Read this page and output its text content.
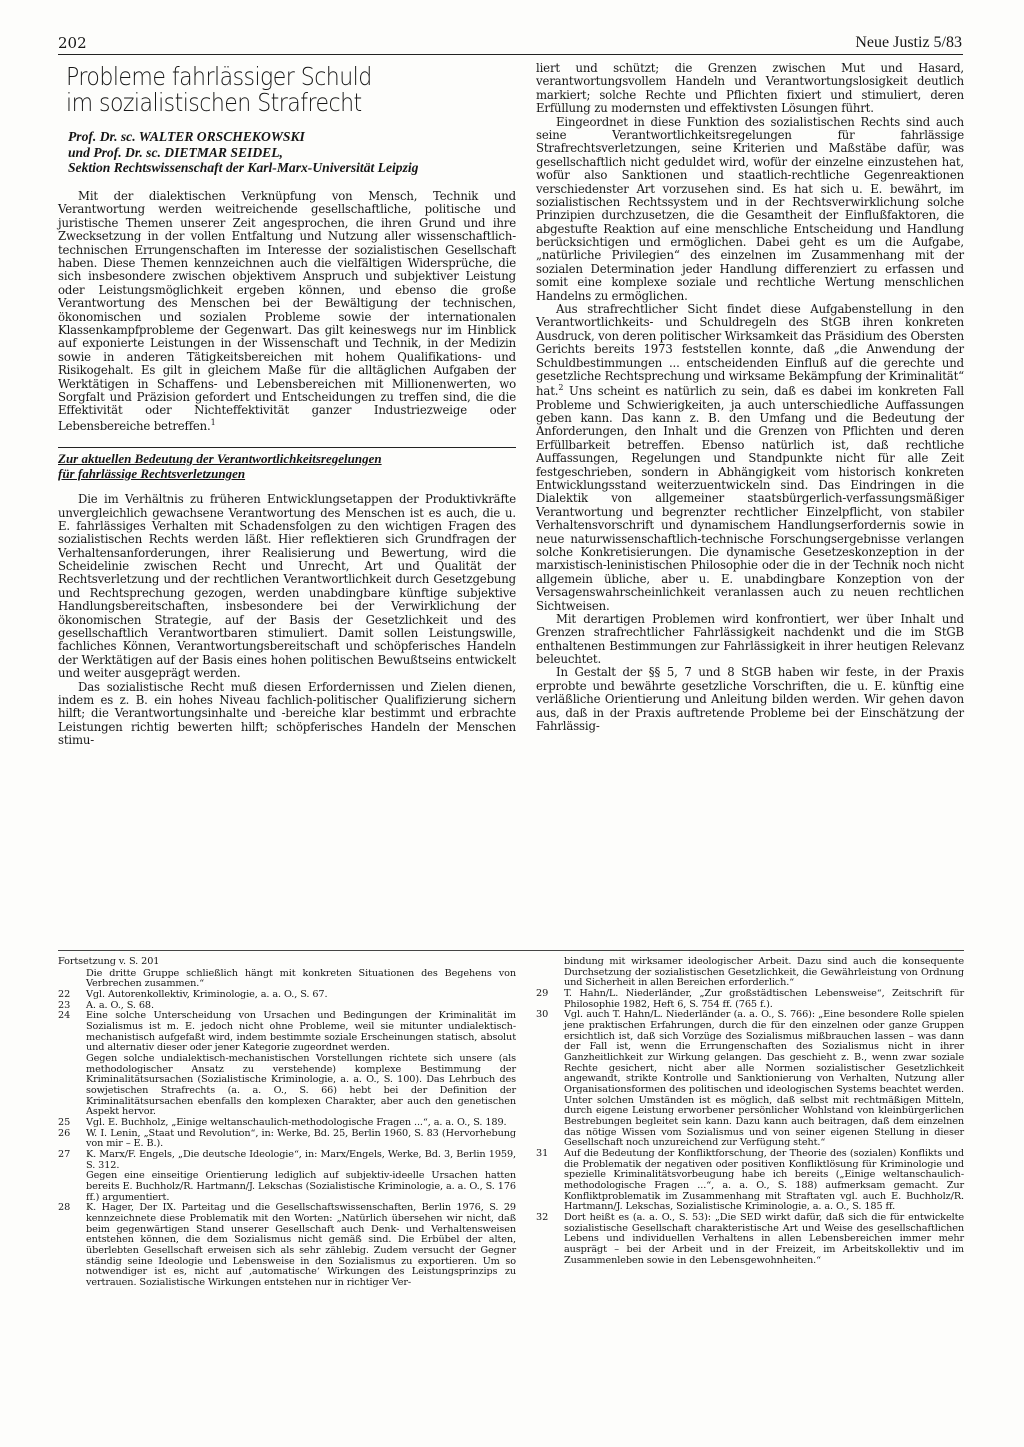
202	Neue Justiz 5/83
Probleme fahrlässiger Schuld
im sozialistischen Strafrecht
Prof. Dr. sc. WALTER ORSCHEKOWSKI
und Prof. Dr. sc. DIETMAR SEIDEL,
Sektion Rechtswissenschaft der Karl-Marx-Universität Leipzig

Mit der dialektischen Verknüpfung von Mensch, Technik und Verantwortung werden weitreichende gesellschaftliche, politische und juristische Themen unserer Zeit angesprochen, die ihren Grund und ihre Zwecksetzung in der vollen Entfaltung und Nutzung aller wissenschaftlich-technischen Errungenschaften im Interesse der sozialistischen Gesellschaft haben. Diese Themen kennzeichnen auch die vielfältigen Widersprüche, die sich insbesondere zwischen objektivem Anspruch und subjektiver Leistung oder Leistungsmöglichkeit ergeben können, und ebenso die große Verantwortung des Menschen bei der Bewältigung der technischen, ökonomischen und sozialen Probleme sowie der internationalen Klassenkampfprobleme der Gegenwart. Das gilt keineswegs nur im Hinblick auf exponierte Leistungen in der Wissenschaft und Technik, in der Medizin sowie in anderen Tätigkeitsbereichen mit hohem Qualifikations- und Risikogehalt. Es gilt in gleichem Maße für die alltäglichen Aufgaben der Werktätigen in Schaffens- und Lebensbereichen mit Millionenwerten, wo Sorgfalt und Präzision gefordert und Entscheidungen zu treffen sind, die die Effektivität oder Nichteffektivität ganzer Industriezweige oder Lebensbereiche betreffen.$^1$

Zur aktuellen Bedeutung der Verantwortlichkeitsregelungen
für fahrlässige Rechtsverletzungen

Die im Verhältnis zu früheren Entwicklungsetappen der Produktivkräfte unvergleichlich gewachsene Verantwortung des Menschen ist es auch, die u. E. fahrlässiges Verhalten mit Schadensfolgen zu den wichtigen Fragen des sozialistischen Rechts werden läßt. Hier reflektieren sich Grundfragen der Verhaltensanforderungen, ihrer Realisierung und Bewertung, wird die Scheidelinie zwischen Recht und Unrecht, Art und Qualität der Rechtsverletzung und der rechtlichen Verantwortlichkeit durch Gesetzgebung und Rechtsprechung gezogen, werden unabdingbare künftige subjektive Handlungsbereitschaften, insbesondere bei der Verwirklichung der ökonomischen Strategie, auf der Basis der Gesetzlichkeit und des gesellschaftlich Verantwortbaren stimuliert. Damit sollen Leistungswille, fachliches Können, Verantwortungsbereitschaft und schöpferisches Handeln der Werktätigen auf der Basis eines hohen politischen Bewußtseins entwickelt und weiter ausgeprägt werden.

Das sozialistische Recht muß diesen Erfordernissen und Zielen dienen, indem es z. B. ein hohes Niveau fachlich-politischer Qualifizierung sichern hilft; die Verantwortungsinhalte und -bereiche klar bestimmt und erbrachte Leistungen richtig bewerten hilft; schöpferisches Handeln der Menschen stimu-

liert und schützt; die Grenzen zwischen Mut und Hasard, verantwortungsvollem Handeln und Verantwortungslosigkeit deutlich markiert; solche Rechte und Pflichten fixiert und stimuliert, deren Erfüllung zu modernsten und effektivsten Lösungen führt.

Eingeordnet in diese Funktion des sozialistischen Rechts sind auch seine Verantwortlichkeitsregelungen für fahrlässige Strafrechtsverletzungen, seine Kriterien und Maßstäbe dafür, was gesellschaftlich nicht geduldet wird, wofür der einzelne einzustehen hat, wofür also Sanktionen und staatlich-rechtliche Gegenreaktionen verschiedenster Art vorzusehen sind. Es hat sich u. E. bewährt, im sozialistischen Rechtssystem und in der Rechtsverwirklichung solche Prinzipien durchzusetzen, die die Gesamtheit der Einflußfaktoren, die abgestufte Reaktion auf eine menschliche Entscheidung und Handlung berücksichtigen und ermöglichen. Dabei geht es um die Aufgabe, „natürliche Privilegien“ des einzelnen im Zusammenhang mit der sozialen Determination jeder Handlung differenziert zu erfassen und somit eine komplexe soziale und rechtliche Wertung menschlichen Handelns zu ermöglichen.

Aus strafrechtlicher Sicht findet diese Aufgabenstellung in den Verantwortlichkeits- und Schuldregeln des StGB ihren konkreten Ausdruck, von deren politischer Wirksamkeit das Präsidium des Obersten Gerichts bereits 1973 feststellen konnte, daß „die Anwendung der Schuldbestimmungen ... entscheidenden Einfluß auf die gerechte und gesetzliche Rechtsprechung und wirksame Bekämpfung der Kriminalität“ hat.$^2$ Uns scheint es natürlich zu sein, daß es dabei im konkreten Fall Probleme und Schwierigkeiten, ja auch unterschiedliche Auffassungen geben kann. Das kann z. B. den Umfang und die Bedeutung der Anforderungen, den Inhalt und die Grenzen von Pflichten und deren Erfüllbarkeit betreffen. Ebenso natürlich ist, daß rechtliche Auffassungen, Regelungen und Standpunkte nicht für alle Zeit festgeschrieben, sondern in Abhängigkeit vom historisch konkreten Entwicklungsstand weiterzuentwickeln sind. Das Eindringen in die Dialektik von allgemeiner staatsbürgerlich-verfassungsmäßiger Verantwortung und begrenzter rechtlicher Einzelpflicht, von stabiler Verhaltensvorschrift und dynamischem Handlungserfordernis sowie in neue naturwissenschaftlich-technische Forschungsergebnisse verlangen solche Konkretisierungen. Die dynamische Gesetzeskonzeption in der marxistisch-leninistischen Philosophie oder die in der Technik noch nicht allgemein übliche, aber u. E. unabdingbare Konzeption von der Versagenswahrscheinlichkeit veranlassen auch zu neuen rechtlichen Sichtweisen.

Mit derartigen Problemen wird konfrontiert, wer über Inhalt und Grenzen strafrechtlicher Fahrlässigkeit nachdenkt und die im StGB enthaltenen Bestimmungen zur Fahrlässigkeit in ihrer heutigen Relevanz beleuchtet.

In Gestalt der §§ 5, 7 und 8 StGB haben wir feste, in der Praxis erprobte und bewährte gesetzliche Vorschriften, die u. E. künftig eine verläßliche Orientierung und Anleitung bilden werden. Wir gehen davon aus, daß in der Praxis auftretende Probleme bei der Einschätzung der Fahrlässig-

Fortsetzung v. S. 201
Die dritte Gruppe schließlich hängt mit konkreten Situationen des Begehens von Verbrechen zusammen.“
22	Vgl. Autorenkollektiv, Kriminologie, a. a. O., S. 67.
23	A. a. O., S. 68.
24	Eine solche Unterscheidung von Ursachen und Bedingungen der Kriminalität im Sozialismus ist m. E. jedoch nicht ohne Probleme, weil sie mitunter undialektisch-mechanistisch aufgefaßt wird, indem bestimmte soziale Erscheinungen statisch, absolut und alternativ dieser oder jener Kategorie zugeordnet werden.
Gegen solche undialektisch-mechanistischen Vorstellungen richtete sich unsere (als methodologischer Ansatz zu verstehende) komplexe Bestimmung der Kriminalitätsursachen (Sozialistische Kriminologie, a. a. O., S. 100). Das Lehrbuch des sowjetischen Strafrechts (a. a. O., S. 66) hebt bei der Definition der Kriminalitätsursachen ebenfalls den komplexen Charakter, aber auch den genetischen Aspekt hervor.
25	Vgl. E. Buchholz, „Einige weltanschaulich-methodologische Fragen ...“, a. a. O., S. 189.
26	W. I. Lenin, „Staat und Revolution“, in: Werke, Bd. 25, Berlin 1960, S. 83 (Hervorhebung von mir – E. B.).
27	K. Marx/F. Engels, „Die deutsche Ideologie“, in: Marx/Engels, Werke, Bd. 3, Berlin 1959, S. 312.
Gegen eine einseitige Orientierung lediglich auf subjektiv-ideelle Ursachen hatten bereits E. Buchholz/R. Hartmann/J. Lekschas (Sozialistische Kriminologie, a. a. O., S. 176 ff.) argumentiert.
28	K. Hager, Der IX. Parteitag und die Gesellschaftswissenschaften, Berlin 1976, S. 29 kennzeichnete diese Problematik mit den Worten: „Natürlich übersehen wir nicht, daß beim gegenwärtigen Stand unserer Gesellschaft auch Denk- und Verhaltensweisen entstehen können, die dem Sozialismus nicht gemäß sind. Die Erbübel der alten, überlebten Gesellschaft erweisen sich als sehr zählebig. Zudem versucht der Gegner ständig seine Ideologie und Lebensweise in den Sozialismus zu exportieren. Um so notwendiger ist es, nicht auf ‚automatische‘ Wirkungen des Leistungsprinzips zu vertrauen. Sozialistische Wirkungen entstehen nur in richtiger Ver-
bindung mit wirksamer ideologischer Arbeit. Dazu sind auch die konsequente Durchsetzung der sozialistischen Gesetzlichkeit, die Gewährleistung von Ordnung und Sicherheit in allen Bereichen erforderlich.“
29	T. Hahn/L. Niederländer, „Zur großstädtischen Lebensweise“, Zeitschrift für Philosophie 1982, Heft 6, S. 754 ff. (765 f.).
30	Vgl. auch T. Hahn/L. Niederländer (a. a. O., S. 766): „Eine besondere Rolle spielen jene praktischen Erfahrungen, durch die für den einzelnen oder ganze Gruppen ersichtlich ist, daß sich Vorzüge des Sozialismus mißbrauchen lassen – was dann der Fall ist, wenn die Errungenschaften des Sozialismus nicht in ihrer Ganzheitlichkeit zur Wirkung gelangen. Das geschieht z. B., wenn zwar soziale Rechte gesichert, nicht aber alle Normen sozialistischer Gesetzlichkeit angewandt, strikte Kontrolle und Sanktionierung von Verhalten, Nutzung aller Organisationsformen des politischen und ideologischen Systems beachtet werden. Unter solchen Umständen ist es möglich, daß selbst mit rechtmäßigen Mitteln, durch eigene Leistung erworbener persönlicher Wohlstand von kleinbürgerlichen Bestrebungen begleitet sein kann. Dazu kann auch beitragen, daß dem einzelnen das nötige Wissen vom Sozialismus und von seiner eigenen Stellung in dieser Gesellschaft noch unzureichend zur Verfügung steht.“
31	Auf die Bedeutung der Konfliktforschung, der Theorie des (sozialen) Konflikts und die Problematik der negativen oder positiven Konfliktlösung für Kriminologie und spezielle Kriminalitätsvorbeugung habe ich bereits („Einige weltanschaulich-methodologische Fragen ...“, a. a. O., S. 188) aufmerksam gemacht. Zur Konfliktproblematik im Zusammenhang mit Straftaten vgl. auch E. Buchholz/R. Hartmann/J. Lekschas, Sozialistische Kriminologie, a. a. O., S. 185 ff.
32	Dort heißt es (a. a. O., S. 53): „Die SED wirkt dafür, daß sich die für entwickelte sozialistische Gesellschaft charakteristische Art und Weise des gesellschaftlichen Lebens und individuellen Verhaltens in allen Lebensbereichen immer mehr ausprägt – bei der Arbeit und in der Freizeit, im Arbeitskollektiv und im Zusammenleben sowie in den Lebensgewohnheiten.“
